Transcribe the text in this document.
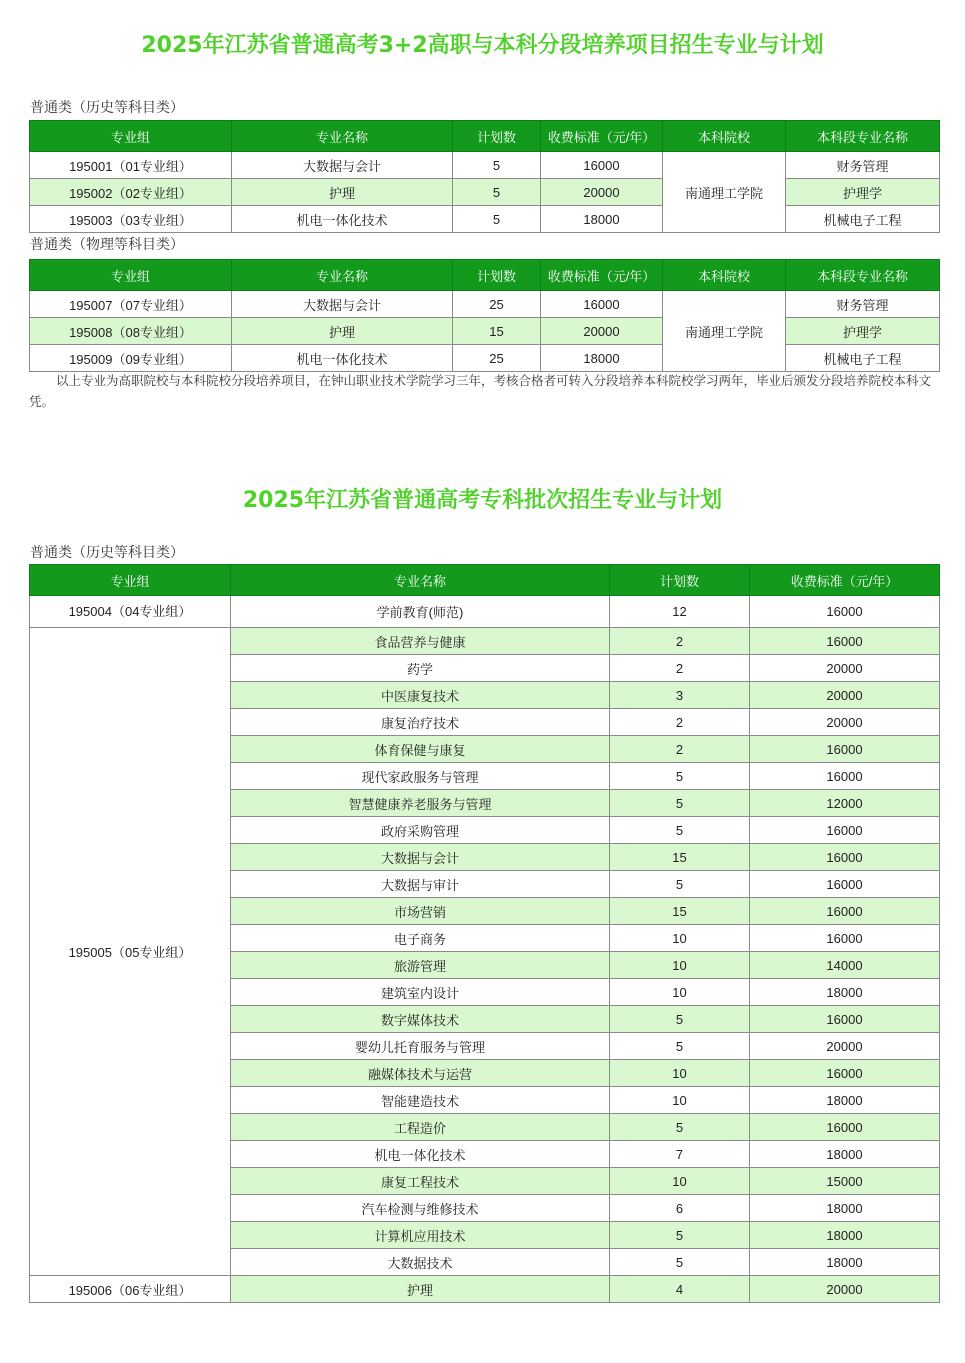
2025年江苏省普通高考3+2高职与本科分段培养项目招生专业与计划
普通类（历史等科目类）
专业组	专业名称	计划数	收费标准（元/年）	本科院校	本科段专业名称
195001（01专业组）	大数据与会计	5	16000	南通理工学院	财务管理
195002（02专业组）	护理	5	20000		护理学
195003（03专业组）	机电一体化技术	5	18000		机械电子工程
普通类（物理等科目类）
专业组	专业名称	计划数	收费标准（元/年）	本科院校	本科段专业名称
195007（07专业组）	大数据与会计	25	16000	南通理工学院	财务管理
195008（08专业组）	护理	15	20000		护理学
195009（09专业组）	机电一体化技术	25	18000		机械电子工程
以上专业为高职院校与本科院校分段培养项目，在钟山职业技术学院学习三年，考核合格者可转入分段培养本科院校学习两年，毕业后颁发分段培养院校本科文凭。
2025年江苏省普通高考专科批次招生专业与计划
普通类（历史等科目类）
专业组	专业名称	计划数	收费标准（元/年）
195004（04专业组）	学前教育(师范)	12	16000
195005（05专业组）	食品营养与健康	2	16000
	药学	2	20000
	中医康复技术	3	20000
	康复治疗技术	2	20000
	体育保健与康复	2	16000
	现代家政服务与管理	5	16000
	智慧健康养老服务与管理	5	12000
	政府采购管理	5	16000
	大数据与会计	15	16000
	大数据与审计	5	16000
	市场营销	15	16000
	电子商务	10	16000
	旅游管理	10	14000
	建筑室内设计	10	18000
	数字媒体技术	5	16000
	婴幼儿托育服务与管理	5	20000
	融媒体技术与运营	10	16000
	智能建造技术	10	18000
	工程造价	5	16000
	机电一体化技术	7	18000
	康复工程技术	10	15000
	汽车检测与维修技术	6	18000
	计算机应用技术	5	18000
	大数据技术	5	18000
195006（06专业组）	护理	4	20000
